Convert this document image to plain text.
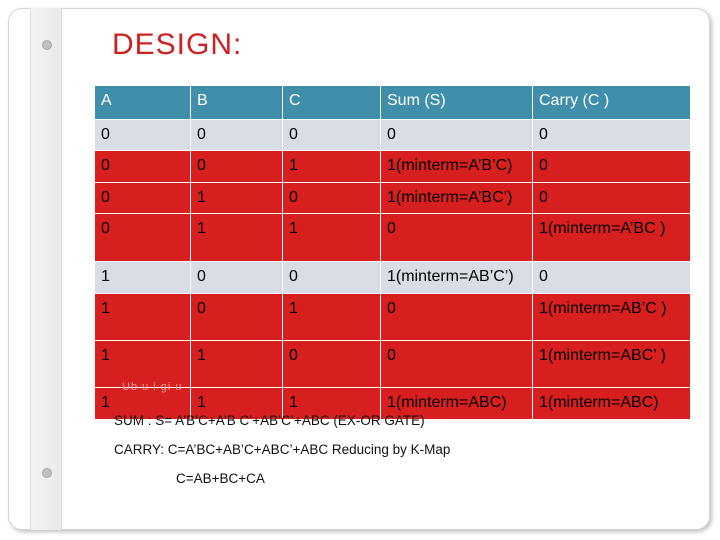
DESIGN:
A	B	C	Sum (S)	Carry (C )
0	0	0	0	0
0	0	1	1(minterm=A’B’C)	0
0	1	0	1(minterm=A’BC’)	0
0	1	1	0	1(minterm=A’BC )
1	0	0	1(minterm=AB’C’)	0
1	0	1	0	1(minterm=AB’C )
1	1	0	0	1(minterm=ABC’ )
1	1	1	1(minterm=ABC)	1(minterm=ABC)
Ub u l gi u
SUM : S= A’B’C+A’B C’+AB’C’+ABC (EX-OR GATE)
CARRY: C=A’BC+AB’C+ABC’+ABC Reducing by K-Map
C=AB+BC+CA
